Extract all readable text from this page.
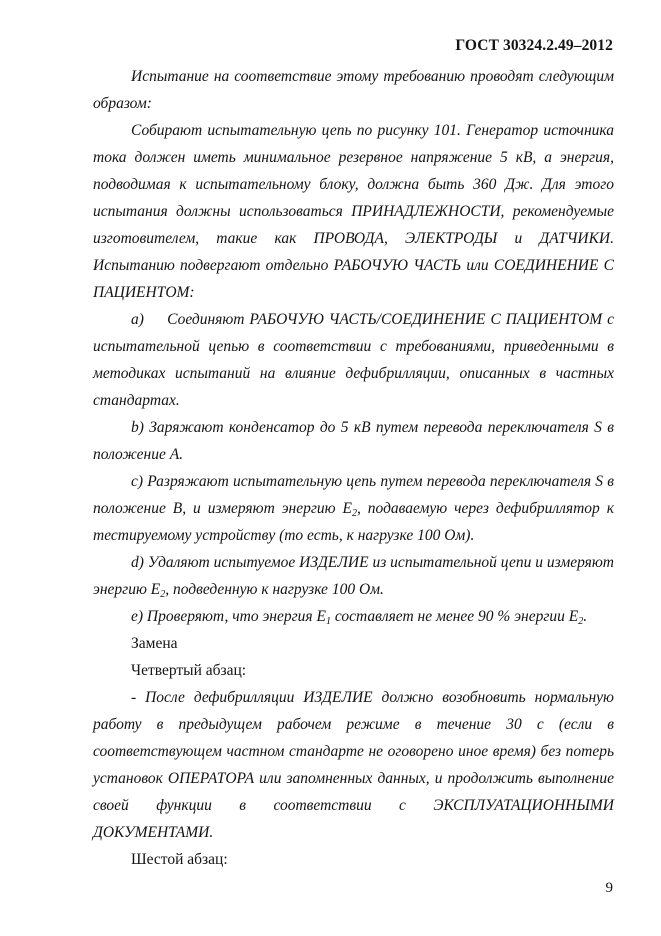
ГОСТ 30324.2.49–2012

Испытание на соответствие этому требованию проводят следующим образом:

Собирают испытательную цепь по рисунку 101. Генератор источника тока должен иметь минимальное резервное напряжение 5 кВ, а энергия, подводимая к испытательному блоку, должна быть 360 Дж. Для этого испытания должны использоваться ПРИНАДЛЕЖНОСТИ, рекомендуемые изготовителем, такие как ПРОВОДА, ЭЛЕКТРОДЫ и ДАТЧИКИ. Испытанию подвергают отдельно РАБОЧУЮ ЧАСТЬ или СОЕДИНЕНИЕ С ПАЦИЕНТОМ:

a)  Соединяют РАБОЧУЮ ЧАСТЬ/СОЕДИНЕНИЕ С ПАЦИЕНТОМ с испытательной цепью в соответствии с требованиями, приведенными в методиках испытаний на влияние дефибрилляции, описанных в частных стандартах.

b) Заряжают конденсатор до 5 кВ путем перевода переключателя S в положение A.

c) Разряжают испытательную цепь путем перевода переключателя S в положение B, и измеряют энергию $E_2$, подаваемую через дефибриллятор к тестируемому устройству (то есть, к нагрузке 100 Ом).

d) Удаляют испытуемое ИЗДЕЛИЕ из испытательной цепи и измеряют энергию $E_2$, подведенную к нагрузке 100 Ом.

e) Проверяют, что энергия $E_1$ составляет не менее 90 % энергии $E_2$.

Замена

Четвертый абзац:

- После дефибрилляции ИЗДЕЛИЕ должно возобновить нормальную работу в предыдущем рабочем режиме в течение 30 с (если в соответствующем частном стандарте не оговорено иное время) без потерь установок ОПЕРАТОРА или запомненных данных, и продолжить выполнение своей функции в соответствии с ЭКСПЛУАТАЦИОННЫМИ ДОКУМЕНТАМИ.

Шестой абзац:

9
